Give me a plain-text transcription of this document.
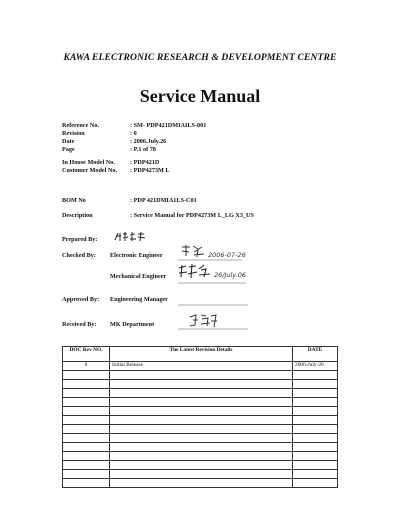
KAWA ELECTRONIC RESEARCH & DEVELOPMENT CENTRE
Service Manual
Reference No.	: SM- PDP421DMIAILS-001
Revision	: 0
Date	: 2006.July.26
Page	: P.1 of 78
In House Model No.	: PDP421D
Customer Model No.	: PDP4273M L
BOM No	: PDP 421DMIA1LS-C01
Description	: Service Manual for PDP4273M L_LG X3_US
Prepared By:
Checked By: Electronic Engineer	2006-07-26
Mechanical Engineer	26/July.06
Approved By: Engineering Manager
Received By: MK Department
DOC Rev NO.	The Latest Revision Details	DATE
0	Initial Release	2006-July-26
